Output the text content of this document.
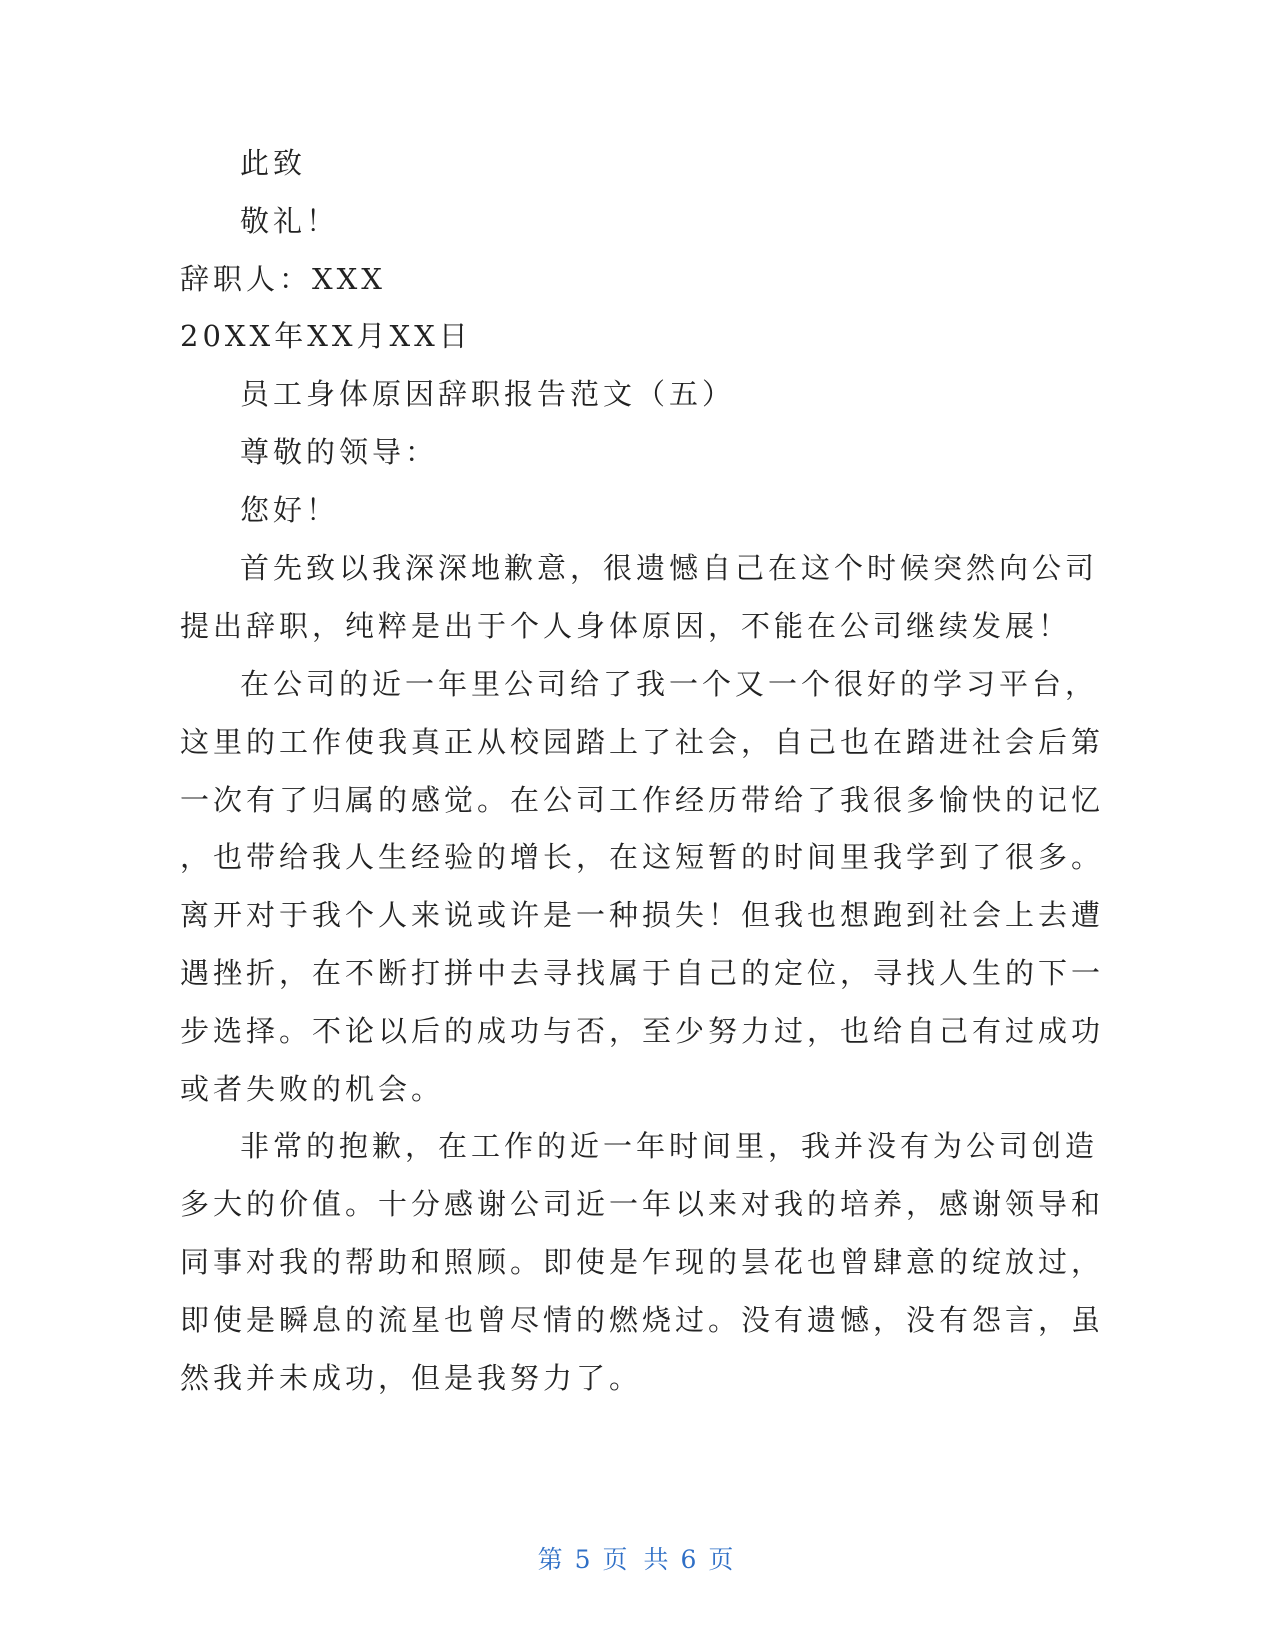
此致
敬礼！
辞职人：XXX
20XX年XX月XX日
员工身体原因辞职报告范文（五）
尊敬的领导：
您好！
首先致以我深深地歉意，很遗憾自己在这个时候突然向公司
提出辞职，纯粹是出于个人身体原因，不能在公司继续发展！
在公司的近一年里公司给了我一个又一个很好的学习平台，
这里的工作使我真正从校园踏上了社会，自己也在踏进社会后第
一次有了归属的感觉。在公司工作经历带给了我很多愉快的记忆
，也带给我人生经验的增长，在这短暂的时间里我学到了很多。
离开对于我个人来说或许是一种损失！但我也想跑到社会上去遭
遇挫折，在不断打拼中去寻找属于自己的定位，寻找人生的下一
步选择。不论以后的成功与否，至少努力过，也给自己有过成功
或者失败的机会。
非常的抱歉，在工作的近一年时间里，我并没有为公司创造
多大的价值。十分感谢公司近一年以来对我的培养，感谢领导和
同事对我的帮助和照顾。即使是乍现的昙花也曾肆意的绽放过，
即使是瞬息的流星也曾尽情的燃烧过。没有遗憾，没有怨言，虽
然我并未成功，但是我努力了。
第 5 页 共 6 页
